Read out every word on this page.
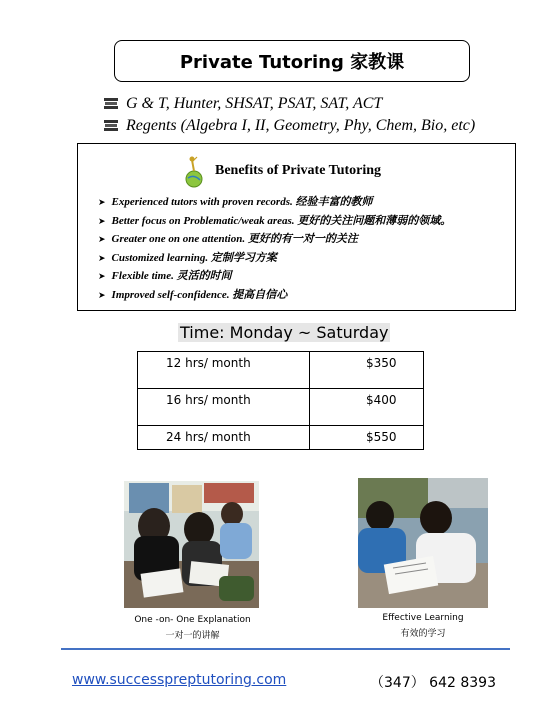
Private Tutoring 家教课
G & T, Hunter, SHSAT, PSAT, SAT, ACT
Regents (Algebra I, II, Geometry, Phy, Chem, Bio, etc)
Benefits of Private Tutoring
➤ Experienced tutors with proven records. 经验丰富的教师
➤ Better focus on Problematic/weak areas. 更好的关注问题和薄弱的领域。
➤ Greater one on one attention. 更好的有一对一的关注
➤ Customized learning. 定制学习方案
➤ Flexible time. 灵活的时间
➤ Improved self-confidence. 提高自信心
Time: Monday ~ Saturday
12 hrs/ month	$350
16 hrs/ month	$400
24 hrs/ month	$550
One -on- One Explanation
一对一的讲解
Effective Learning
有效的学习
www.successpreptutoring.com	（347） 642 8393
